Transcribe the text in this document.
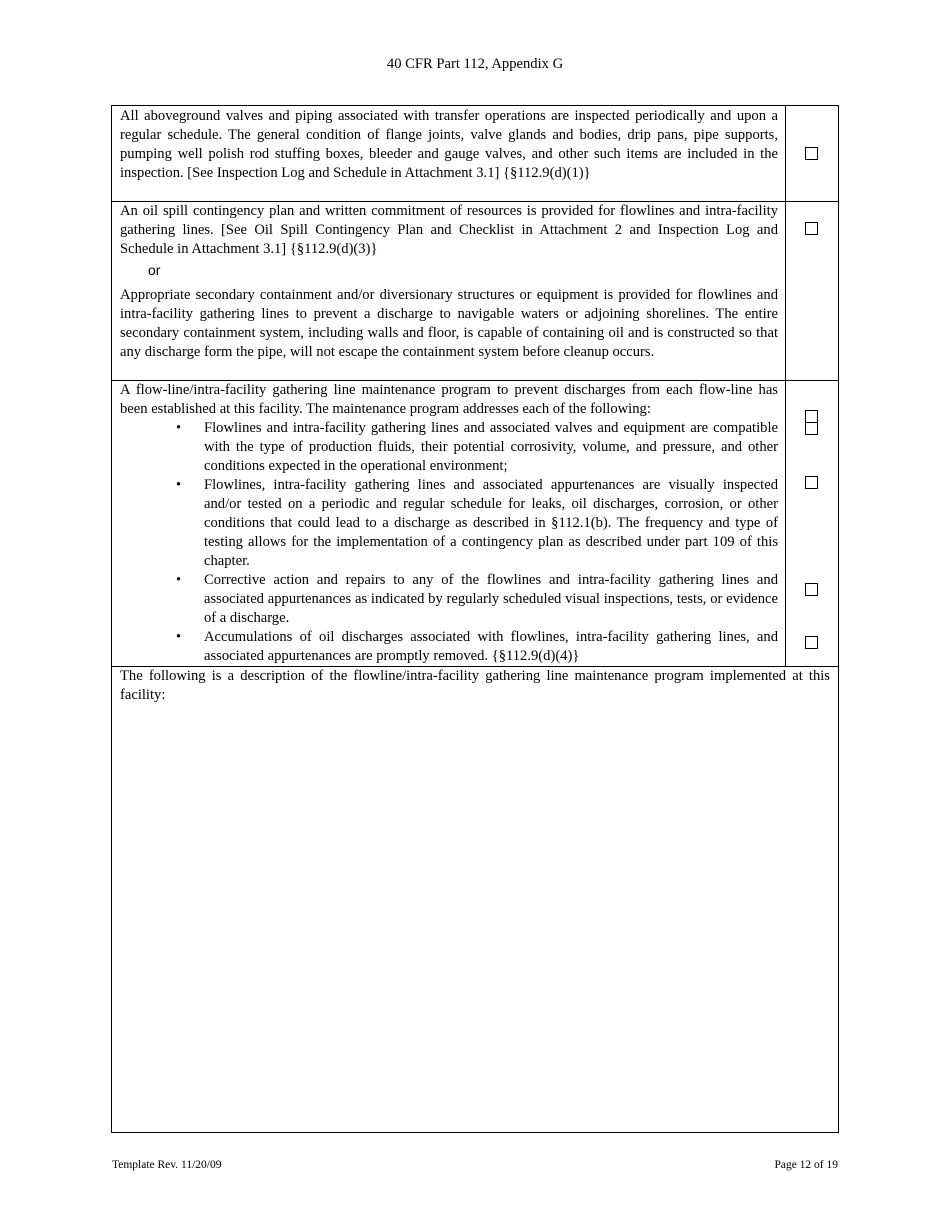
40 CFR Part 112, Appendix G
All aboveground valves and piping associated with transfer operations are inspected periodically and upon a regular schedule. The general condition of flange joints, valve glands and bodies, drip pans, pipe supports, pumping well polish rod stuffing boxes, bleeder and gauge valves, and other such items are included in the inspection. [See Inspection Log and Schedule in Attachment 3.1] {§112.9(d)(1)}

An oil spill contingency plan and written commitment of resources is provided for flowlines and intra-facility gathering lines. [See Oil Spill Contingency Plan and Checklist in Attachment 2 and Inspection Log and Schedule in Attachment 3.1] {§112.9(d)(3)}

or

Appropriate secondary containment and/or diversionary structures or equipment is provided for flowlines and intra-facility gathering lines to prevent a discharge to navigable waters or adjoining shorelines. The entire secondary containment system, including walls and floor, is capable of containing oil and is constructed so that any discharge form the pipe, will not escape the containment system before cleanup occurs.

A flow-line/intra-facility gathering line maintenance program to prevent discharges from each flow-line has been established at this facility. The maintenance program addresses each of the following:

• Flowlines and intra-facility gathering lines and associated valves and equipment are compatible with the type of production fluids, their potential corrosivity, volume, and pressure, and other conditions expected in the operational environment;
• Flowlines, intra-facility gathering lines and associated appurtenances are visually inspected and/or tested on a periodic and regular schedule for leaks, oil discharges, corrosion, or other conditions that could lead to a discharge as described in §112.1(b). The frequency and type of testing allows for the implementation of a contingency plan as described under part 109 of this chapter.
• Corrective action and repairs to any of the flowlines and intra-facility gathering lines and associated appurtenances as indicated by regularly scheduled visual inspections, tests, or evidence of a discharge.
• Accumulations of oil discharges associated with flowlines, intra-facility gathering lines, and associated appurtenances are promptly removed. {§112.9(d)(4)}
The following is a description of the flowline/intra-facility gathering line maintenance program implemented at this facility:
Template Rev. 11/20/09	Page 12 of 19
